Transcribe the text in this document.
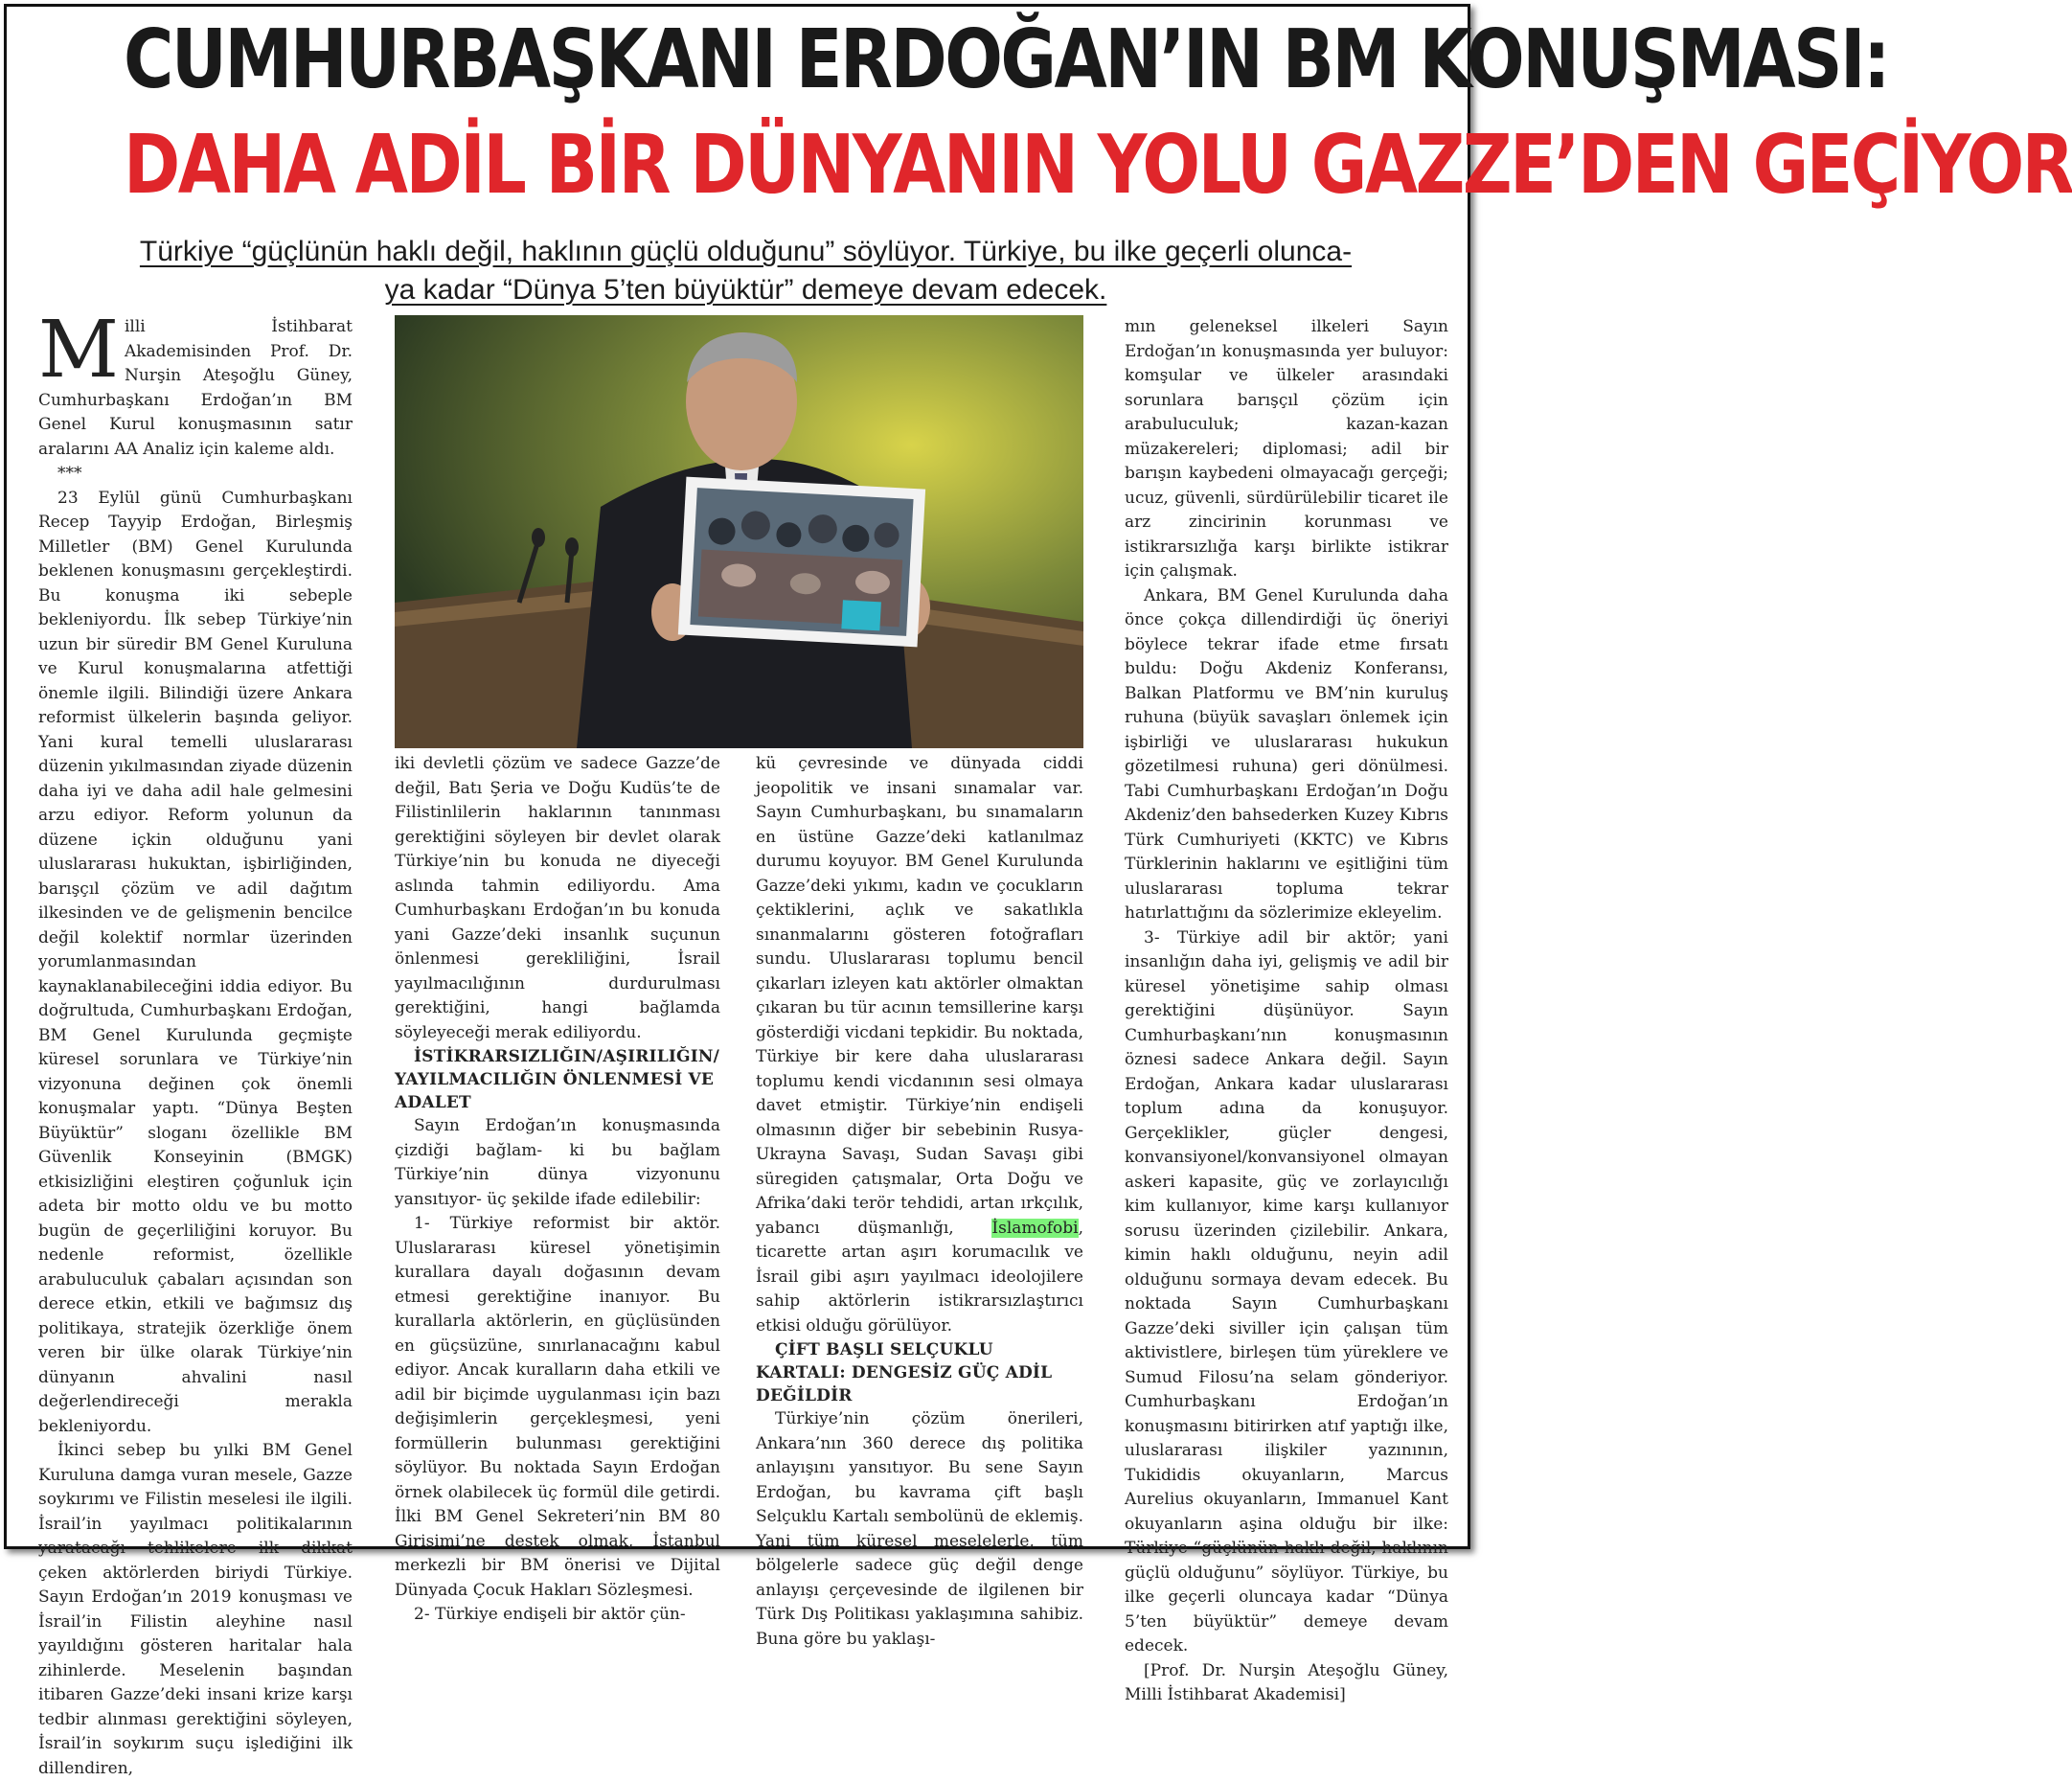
CUMHURBAŞKANI ERDOĞAN’IN BM KONUŞMASI:
DAHA ADİL BİR DÜNYANIN YOLU GAZZE’DEN GEÇİYOR
Türkiye “güçlünün haklı değil, haklının güçlü olduğunu” söylüyor. Türkiye, bu ilke geçerli olunca-
ya kadar “Dünya 5’ten büyüktür” demeye devam edecek.

Milli İstihbarat Akademisinden Prof. Dr. Nurşin Ateşoğlu Güney, Cumhurbaşkanı Erdoğan’ın BM Genel Kurul konuşmasının satır aralarını AA Analiz için kaleme aldı.

***

23 Eylül günü Cumhurbaşkanı Recep Tayyip Erdoğan, Birleşmiş Milletler (BM) Genel Kurulunda beklenen konuşmasını gerçekleştirdi. Bu konuşma iki sebeple bekleniyordu. İlk sebep Türkiye’nin uzun bir süredir BM Genel Kuruluna ve Kurul konuşmalarına atfettiği önemle ilgili. Bilindiği üzere Ankara reformist ülkelerin başında geliyor. Yani kural temelli uluslararası düzenin yıkılmasından ziyade düzenin daha iyi ve daha adil hale gelmesini arzu ediyor. Reform yolunun da düzene içkin olduğunu yani uluslararası hukuktan, işbirliğinden, barışçıl çözüm ve adil dağıtım ilkesinden ve de gelişmenin bencilce değil kolektif normlar üzerinden yorumlanmasından kaynaklanabileceğini iddia ediyor. Bu doğrultuda, Cumhurbaşkanı Erdoğan, BM Genel Kurulunda geçmişte küresel sorunlara ve Türkiye’nin vizyonuna değinen çok önemli konuşmalar yaptı. “Dünya Beşten Büyüktür” sloganı özellikle BM Güvenlik Konseyinin (BMGK) etkisizliğini eleştiren çoğunluk için adeta bir motto oldu ve bu motto bugün de geçerliliğini koruyor. Bu nedenle reformist, özellikle arabuluculuk çabaları açısından son derece etkin, etkili ve bağımsız dış politikaya, stratejik özerkliğe önem veren bir ülke olarak Türkiye’nin dünyanın ahvalini nasıl değerlendireceği merakla bekleniyordu.

İkinci sebep bu yılki BM Genel Kuruluna damga vuran mesele, Gazze soykırımı ve Filistin meselesi ile ilgili. İsrail’in yayılmacı politikalarının yaratacağı tehlikelere ilk dikkat çeken aktörlerden biriydi Türkiye. Sayın Erdoğan’ın 2019 konuşması ve İsrail’in Filistin aleyhine nasıl yayıldığını gösteren haritalar hala zihinlerde. Meselenin başından itibaren Gazze’deki insani krize karşı tedbir alınması gerektiğini söyleyen, İsrail’in soykırım suçu işlediğini ilk dillendiren,

iki devletli çözüm ve sadece Gazze’de değil, Batı Şeria ve Doğu Kudüs’te de Filistinlilerin haklarının tanınması gerektiğini söyleyen bir devlet olarak Türkiye’nin bu konuda ne diyeceği aslında tahmin ediliyordu. Ama Cumhurbaşkanı Erdoğan’ın bu konuda yani Gazze’deki insanlık suçunun önlenmesi gerekliliğini, İsrail yayılmacılığının durdurulması gerektiğini, hangi bağlamda söyleyeceği merak ediliyordu.

İSTİKRARSIZLIĞIN/AŞIRILIĞIN/ YAYILMACILIĞIN ÖNLENMESİ VE ADALET

Sayın Erdoğan’ın konuşmasında çizdiği bağlam- ki bu bağlam Türkiye’nin dünya vizyonunu yansıtıyor- üç şekilde ifade edilebilir:

1- Türkiye reformist bir aktör. Uluslararası küresel yönetişimin kurallara dayalı doğasının devam etmesi gerektiğine inanıyor. Bu kurallarla aktörlerin, en güçlüsünden en güçsüzüne, sınırlanacağını kabul ediyor. Ancak kuralların daha etkili ve adil bir biçimde uygulanması için bazı değişimlerin gerçekleşmesi, yeni formüllerin bulunması gerektiğini söylüyor. Bu noktada Sayın Erdoğan örnek olabilecek üç formül dile getirdi. İlki BM Genel Sekreteri’nin BM 80 Girişimi’ne destek olmak, İstanbul merkezli bir BM önerisi ve Dijital Dünyada Çocuk Hakları Sözleşmesi.

2- Türkiye endişeli bir aktör çün-

kü çevresinde ve dünyada ciddi jeopolitik ve insani sınamalar var. Sayın Cumhurbaşkanı, bu sınamaların en üstüne Gazze’deki katlanılmaz durumu koyuyor. BM Genel Kurulunda Gazze’deki yıkımı, kadın ve çocukların çektiklerini, açlık ve sakatlıkla sınanmalarını gösteren fotoğrafları sundu. Uluslararası toplumu bencil çıkarları izleyen katı aktörler olmaktan çıkaran bu tür acının temsillerine karşı gösterdiği vicdani tepkidir. Bu noktada, Türkiye bir kere daha uluslararası toplumu kendi vicdanının sesi olmaya davet etmiştir. Türkiye’nin endişeli olmasının diğer bir sebebinin Rusya-Ukrayna Savaşı, Sudan Savaşı gibi süregiden çatışmalar, Orta Doğu ve Afrika’daki terör tehdidi, artan ırkçılık, yabancı düşmanlığı, İslamofobi, ticarette artan aşırı korumacılık ve İsrail gibi aşırı yayılmacı ideolojilere sahip aktörlerin istikrarsızlaştırıcı etkisi olduğu görülüyor.

ÇİFT BAŞLI SELÇUKLU KARTALI: DENGESİZ GÜÇ ADİL DEĞİLDİR

Türkiye’nin çözüm önerileri, Ankara’nın 360 derece dış politika anlayışını yansıtıyor. Bu sene Sayın Erdoğan, bu kavrama çift başlı Selçuklu Kartalı sembolünü de eklemiş. Yani tüm küresel meselelerle, tüm bölgelerle sadece güç değil denge anlayışı çerçevesinde de ilgilenen bir Türk Dış Politikası yaklaşımına sahibiz. Buna göre bu yaklaşı-

mın geleneksel ilkeleri Sayın Erdoğan’ın konuşmasında yer buluyor: komşular ve ülkeler arasındaki sorunlara barışçıl çözüm için arabuluculuk; kazan-kazan müzakereleri; diplomasi; adil bir barışın kaybedeni olmayacağı gerçeği; ucuz, güvenli, sürdürülebilir ticaret ile arz zincirinin korunması ve istikrarsızlığa karşı birlikte istikrar için çalışmak.

Ankara, BM Genel Kurulunda daha önce çokça dillendirdiği üç öneriyi böylece tekrar ifade etme fırsatı buldu: Doğu Akdeniz Konferansı, Balkan Platformu ve BM’nin kuruluş ruhuna (büyük savaşları önlemek için işbirliği ve uluslararası hukukun gözetilmesi ruhuna) geri dönülmesi. Tabi Cumhurbaşkanı Erdoğan’ın Doğu Akdeniz’den bahsederken Kuzey Kıbrıs Türk Cumhuriyeti (KKTC) ve Kıbrıs Türklerinin haklarını ve eşitliğini tüm uluslararası topluma tekrar hatırlattığını da sözlerimize ekleyelim.

3- Türkiye adil bir aktör; yani insanlığın daha iyi, gelişmiş ve adil bir küresel yönetişime sahip olması gerektiğini düşünüyor. Sayın Cumhurbaşkanı’nın konuşmasının öznesi sadece Ankara değil. Sayın Erdoğan, Ankara kadar uluslararası toplum adına da konuşuyor. Gerçeklikler, güçler dengesi, konvansiyonel/konvansiyonel olmayan askeri kapasite, güç ve zorlayıcılığı kim kullanıyor, kime karşı kullanıyor sorusu üzerinden çizilebilir. Ankara, kimin haklı olduğunu, neyin adil olduğunu sormaya devam edecek. Bu noktada Sayın Cumhurbaşkanı Gazze’deki siviller için çalışan tüm aktivistlere, birleşen tüm yüreklere ve Sumud Filosu’na selam gönderiyor. Cumhurbaşkanı Erdoğan’ın konuşmasını bitirirken atıf yaptığı ilke, uluslararası ilişkiler yazınının, Tukididis okuyanların, Marcus Aurelius okuyanların, Immanuel Kant okuyanların aşina olduğu bir ilke: Türkiye “güçlünün haklı değil, haklının güçlü olduğunu” söylüyor. Türkiye, bu ilke geçerli oluncaya kadar “Dünya 5’ten büyüktür” demeye devam edecek.

[Prof. Dr. Nurşin Ateşoğlu Güney, Milli İstihbarat Akademisi]
